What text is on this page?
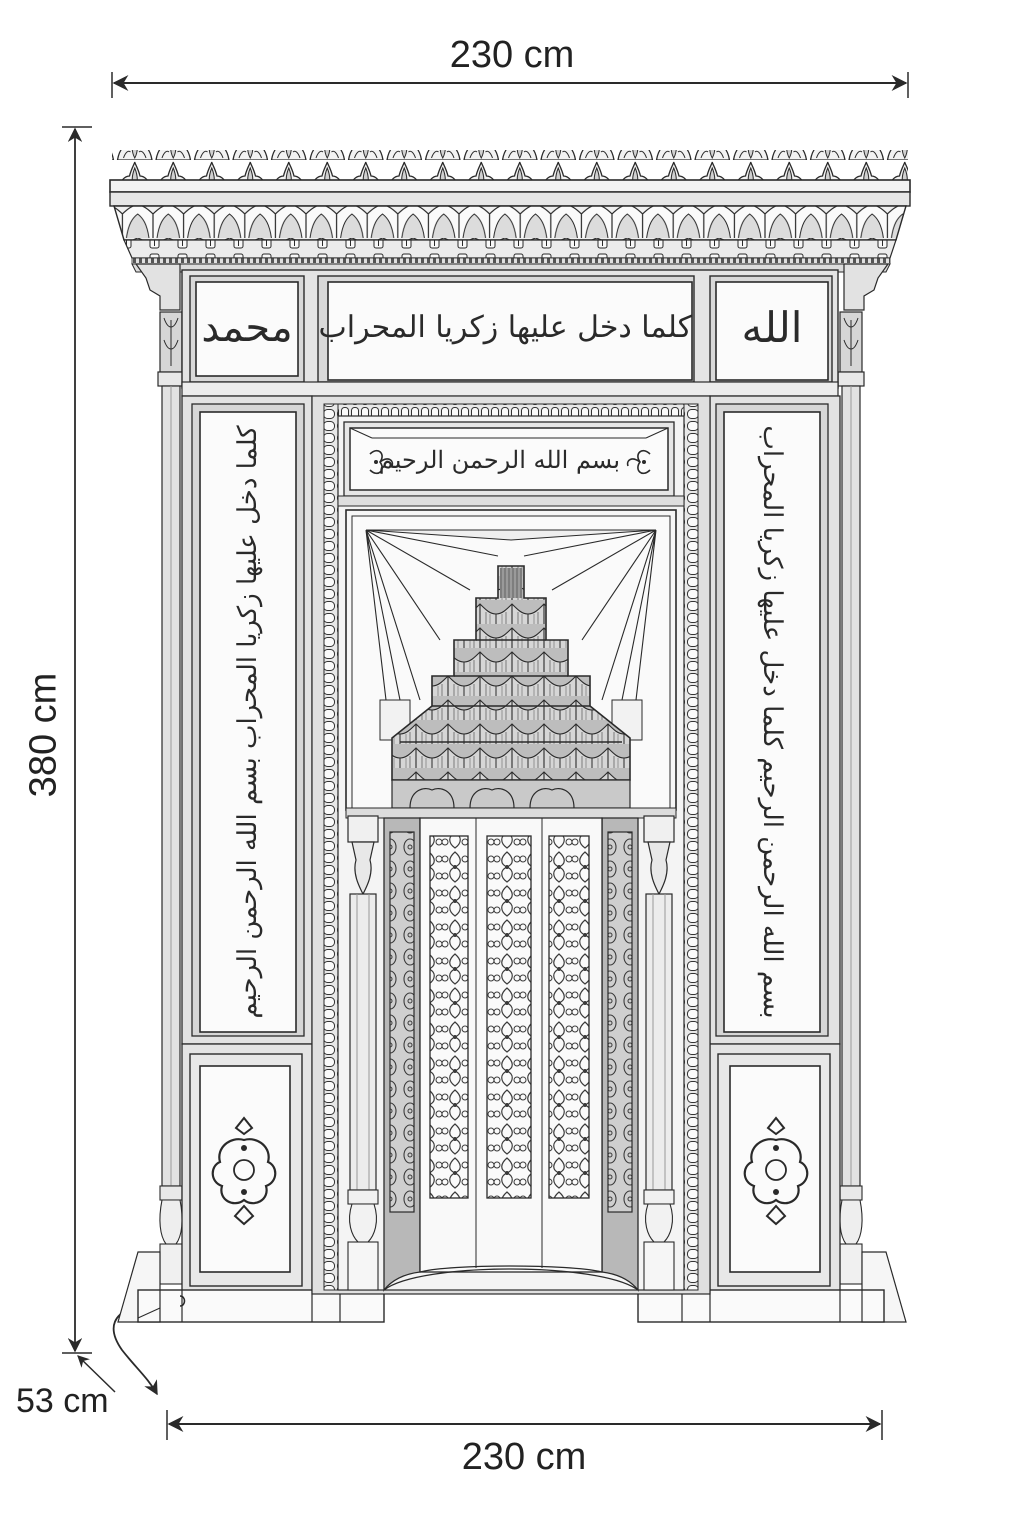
230 cm
380 cm
53 cm
230 cm
محمد كلما دخل عليها زكريا المحراب	الله
بسم الله الرحمن الرحيم
كلما دخل عليها زكريا المحراب بسم الله الرحمن الرحيم	بسم الله الرحمن الرحيم كلما دخل عليها زكريا المحراب
